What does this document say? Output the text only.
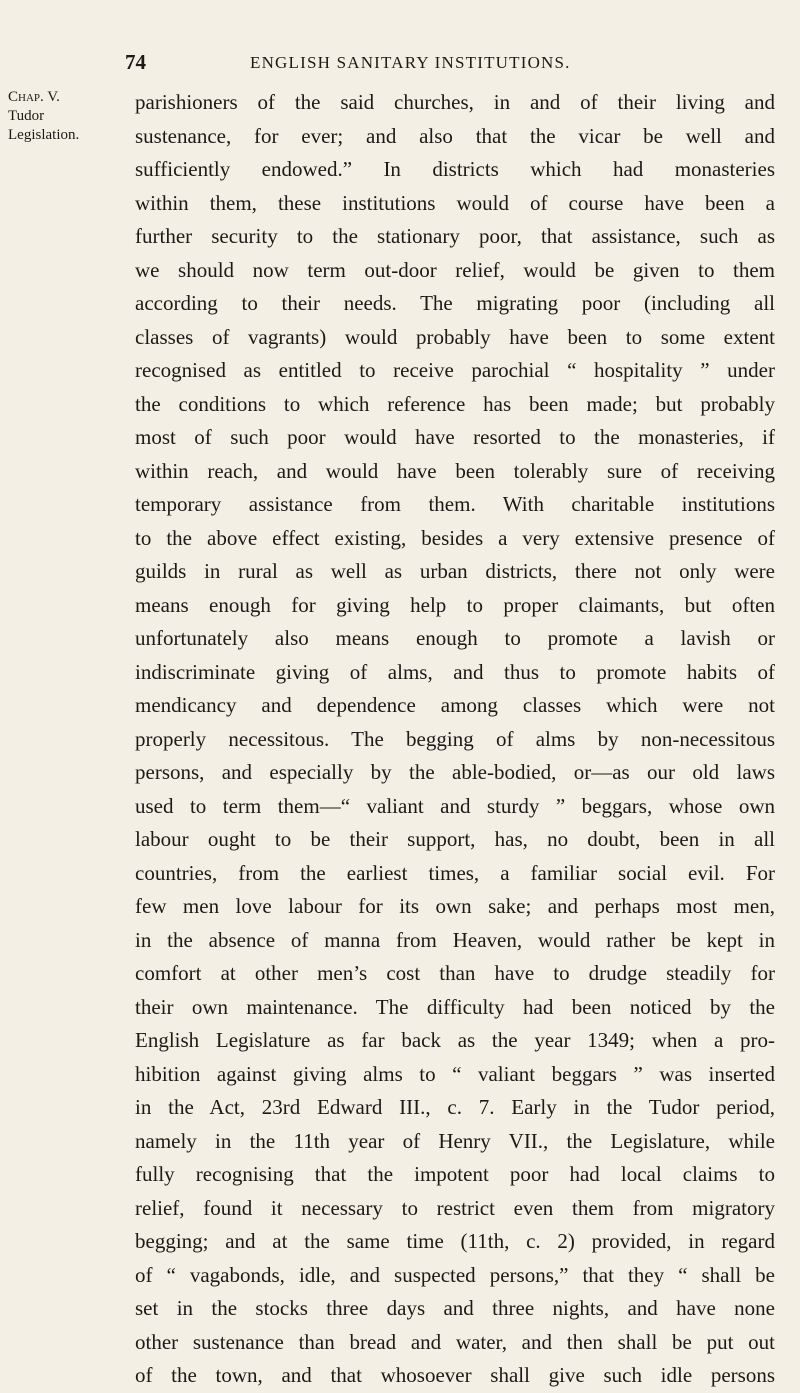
74	ENGLISH SANITARY INSTITUTIONS.
Chap. V.
Tudor
Legislation.
parishioners of the said churches, in and of their living and
sustenance, for ever; and also that the vicar be well and
sufficiently endowed.” In districts which had monasteries
within them, these institutions would of course have been a
further security to the stationary poor, that assistance, such as
we should now term out-door relief, would be given to them
according to their needs. The migrating poor (including all
classes of vagrants) would probably have been to some extent
recognised as entitled to receive parochial “ hospitality ” under
the conditions to which reference has been made; but probably
most of such poor would have resorted to the monasteries, if
within reach, and would have been tolerably sure of receiving
temporary assistance from them. With charitable institutions
to the above effect existing, besides a very extensive presence of
guilds in rural as well as urban districts, there not only were
means enough for giving help to proper claimants, but often
unfortunately also means enough to promote a lavish or
indiscriminate giving of alms, and thus to promote habits of
mendicancy and dependence among classes which were not
properly necessitous. The begging of alms by non-necessitous
persons, and especially by the able-bodied, or—as our old laws
used to term them—“ valiant and sturdy ” beggars, whose own
labour ought to be their support, has, no doubt, been in all
countries, from the earliest times, a familiar social evil. For
few men love labour for its own sake; and perhaps most men,
in the absence of manna from Heaven, would rather be kept in
comfort at other men’s cost than have to drudge steadily for
their own maintenance. The difficulty had been noticed by the
English Legislature as far back as the year 1349; when a pro-
hibition against giving alms to “ valiant beggars ” was inserted
in the Act, 23rd Edward III., c. 7. Early in the Tudor period,
namely in the 11th year of Henry VII., the Legislature, while
fully recognising that the impotent poor had local claims to
relief, found it necessary to restrict even them from migratory
begging; and at the same time (11th, c. 2) provided, in regard
of “ vagabonds, idle, and suspected persons,” that they “ shall be
set in the stocks three days and three nights, and have none
other sustenance than bread and water, and then shall be put out
of the town, and that whosoever shall give such idle persons
